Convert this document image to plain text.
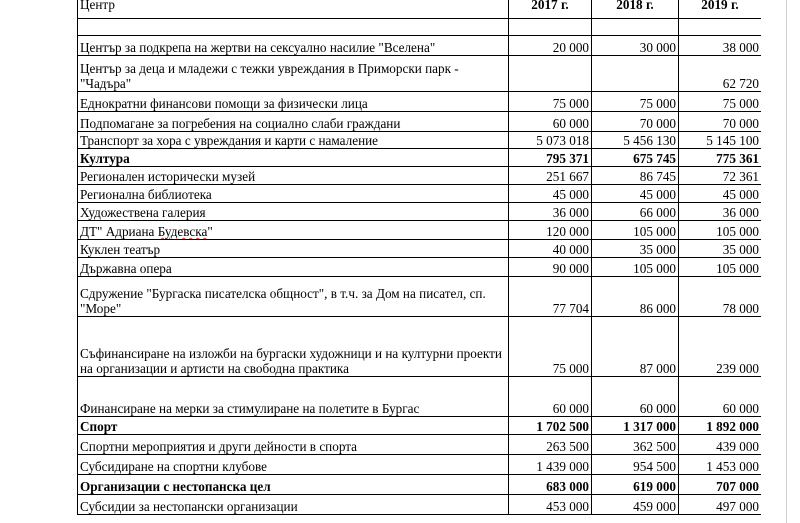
Центр	2017 г.	2018 г.	2019 г.

Център за подкрепа на жертви на сексуално насилие "Вселена"	20 000	30 000	38 000
Център за деца и младежи с тежки увреждания в Приморски парк - "Чадъра"			62 720
Еднократни финансови помощи за физически лица	75 000	75 000	75 000
Подпомагане за погребения на социално слаби граждани	60 000	70 000	70 000
Транспорт за хора с увреждания и карти с намаление	5 073 018	5 456 130	5 145 100
Култура	795 371	675 745	775 361
Регионален исторически музей	251 667	86 745	72 361
Регионална библиотека	45 000	45 000	45 000
Художествена галерия	36 000	66 000	36 000
ДТ" Адриана Будевска"	120 000	105 000	105 000
Куклен театър	40 000	35 000	35 000
Държавна опера	90 000	105 000	105 000
Сдружение "Бургаска писателска общност", в т.ч. за Дом на писател, сп. "Море"	77 704	86 000	78 000
Съфинансиране на изложби на бургаски художници и на културни проекти на организации и артисти на свободна практика	75 000	87 000	239 000
Финансиране на мерки за стимулиране на полетите в Бургас	60 000	60 000	60 000
Спорт	1 702 500	1 317 000	1 892 000
Спортни мероприятия и други дейности в спорта	263 500	362 500	439 000
Субсидиране на спортни клубове	1 439 000	954 500	1 453 000
Организации с нестопанска цел	683 000	619 000	707 000
Субсидии за нестопански организации	453 000	459 000	497 000
